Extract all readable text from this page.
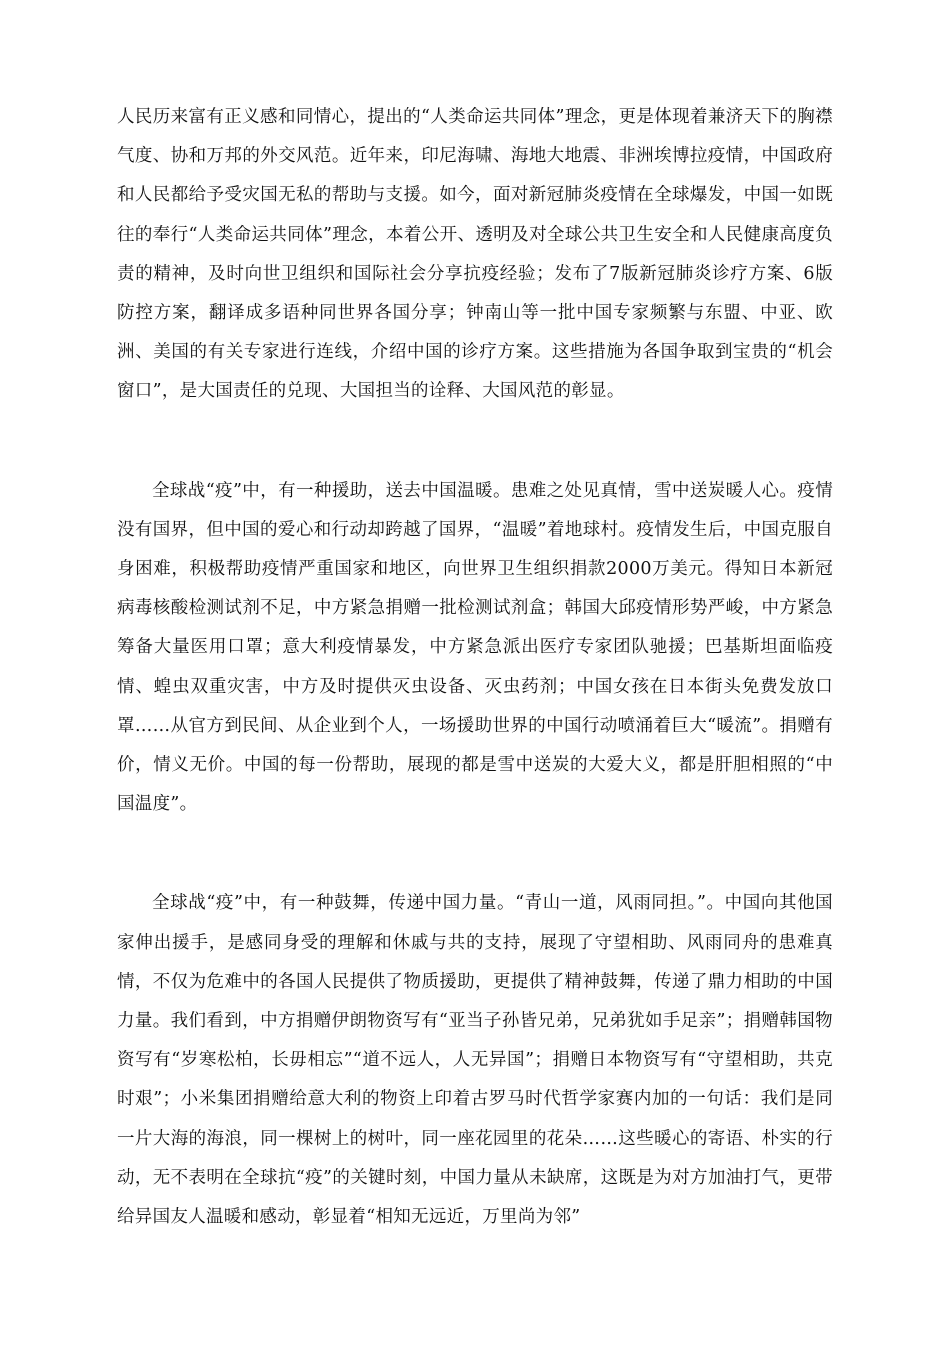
人民历来富有正义感和同情心，提出的“人类命运共同体”理念，更是体现着兼济天下的胸襟气度、协和万邦的外交风范。近年来，印尼海啸、海地大地震、非洲埃博拉疫情，中国政府和人民都给予受灾国无私的帮助与支援。如今，面对新冠肺炎疫情在全球爆发，中国一如既往的奉行“人类命运共同体”理念，本着公开、透明及对全球公共卫生安全和人民健康高度负责的精神，及时向世卫组织和国际社会分享抗疫经验；发布了7版新冠肺炎诊疗方案、6版防控方案，翻译成多语种同世界各国分享；钟南山等一批中国专家频繁与东盟、中亚、欧洲、美国的有关专家进行连线，介绍中国的诊疗方案。这些措施为各国争取到宝贵的“机会窗口”，是大国责任的兑现、大国担当的诠释、大国风范的彰显。

全球战“疫”中，有一种援助，送去中国温暖。患难之处见真情，雪中送炭暖人心。疫情没有国界，但中国的爱心和行动却跨越了国界，“温暖”着地球村。疫情发生后，中国克服自身困难，积极帮助疫情严重国家和地区，向世界卫生组织捐款2000万美元。得知日本新冠病毒核酸检测试剂不足，中方紧急捐赠一批检测试剂盒；韩国大邱疫情形势严峻，中方紧急筹备大量医用口罩；意大利疫情暴发，中方紧急派出医疗专家团队驰援；巴基斯坦面临疫情、蝗虫双重灾害，中方及时提供灭虫设备、灭虫药剂；中国女孩在日本街头免费发放口罩……从官方到民间、从企业到个人，一场援助世界的中国行动喷涌着巨大“暖流”。捐赠有价，情义无价。中国的每一份帮助，展现的都是雪中送炭的大爱大义，都是肝胆相照的“中国温度”。

全球战“疫”中，有一种鼓舞，传递中国力量。“青山一道，风雨同担。”。中国向其他国家伸出援手，是感同身受的理解和休戚与共的支持，展现了守望相助、风雨同舟的患难真情，不仅为危难中的各国人民提供了物质援助，更提供了精神鼓舞，传递了鼎力相助的中国力量。我们看到，中方捐赠伊朗物资写有“亚当子孙皆兄弟，兄弟犹如手足亲”；捐赠韩国物资写有“岁寒松柏，长毋相忘”“道不远人，人无异国”；捐赠日本物资写有“守望相助，共克时艰”；小米集团捐赠给意大利的物资上印着古罗马时代哲学家赛内加的一句话：我们是同一片大海的海浪，同一棵树上的树叶，同一座花园里的花朵……这些暖心的寄语、朴实的行动，无不表明在全球抗“疫”的关键时刻，中国力量从未缺席，这既是为对方加油打气，更带给异国友人温暖和感动，彰显着“相知无远近，万里尚为邻”
